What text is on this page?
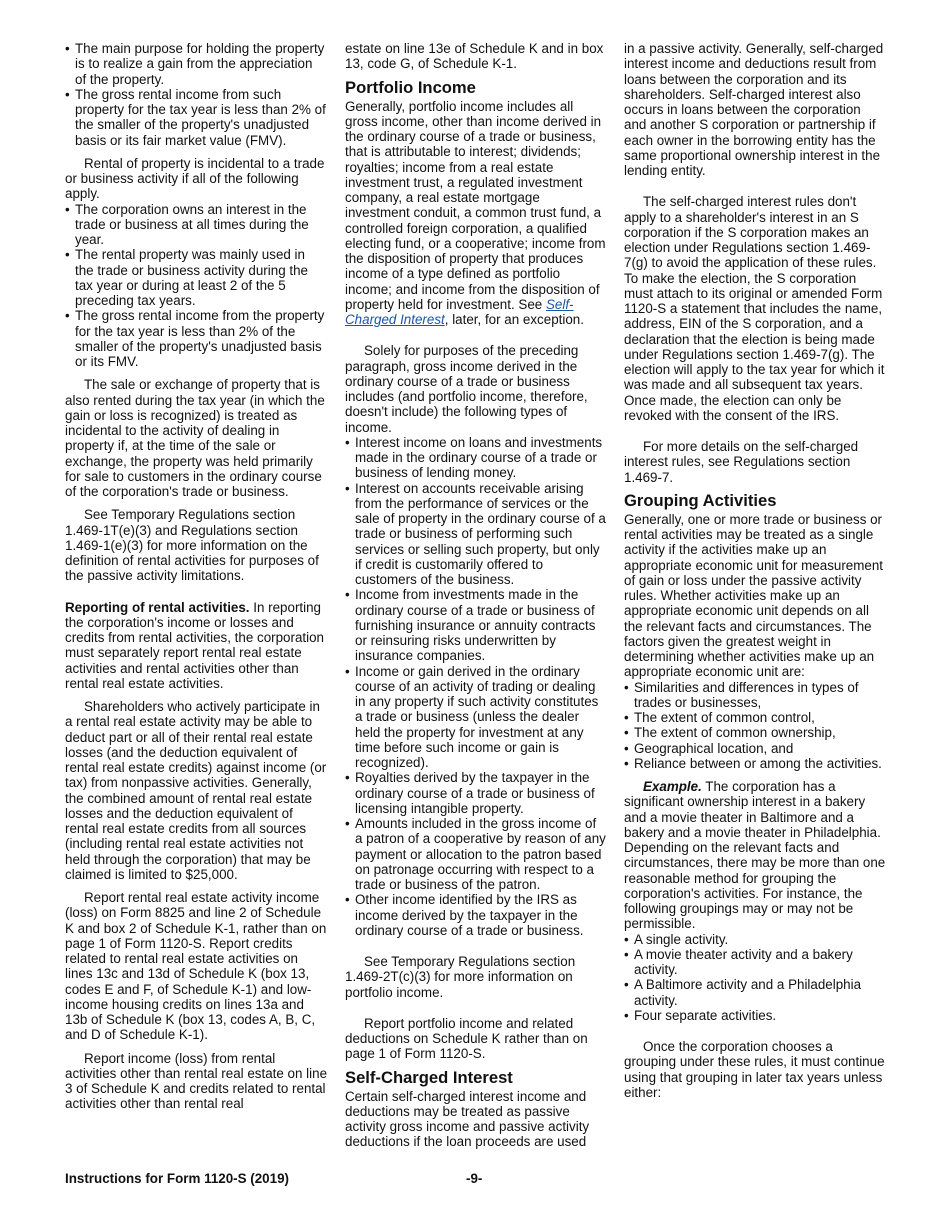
• The main purpose for holding the property is to realize a gain from the appreciation of the property.

• The gross rental income from such property for the tax year is less than 2% of the smaller of the property's unadjusted basis or its fair market value (FMV).

Rental of property is incidental to a trade or business activity if all of the following apply.

• The corporation owns an interest in the trade or business at all times during the year.

• The rental property was mainly used in the trade or business activity during the tax year or during at least 2 of the 5 preceding tax years.

• The gross rental income from the property for the tax year is less than 2% of the smaller of the property's unadjusted basis or its FMV.

The sale or exchange of property that is also rented during the tax year (in which the gain or loss is recognized) is treated as incidental to the activity of dealing in property if, at the time of the sale or exchange, the property was held primarily for sale to customers in the ordinary course of the corporation's trade or business.

See Temporary Regulations section 1.469-1T(e)(3) and Regulations section 1.469-1(e)(3) for more information on the definition of rental activities for purposes of the passive activity limitations.

Reporting of rental activities. In reporting the corporation's income or losses and credits from rental activities, the corporation must separately report rental real estate activities and rental activities other than rental real estate activities.

Shareholders who actively participate in a rental real estate activity may be able to deduct part or all of their rental real estate losses (and the deduction equivalent of rental real estate credits) against income (or tax) from nonpassive activities. Generally, the combined amount of rental real estate losses and the deduction equivalent of rental real estate credits from all sources (including rental real estate activities not held through the corporation) that may be claimed is limited to $25,000.

Report rental real estate activity income (loss) on Form 8825 and line 2 of Schedule K and box 2 of Schedule K-1, rather than on page 1 of Form 1120-S. Report credits related to rental real estate activities on lines 13c and 13d of Schedule K (box 13, codes E and F, of Schedule K-1) and low-income housing credits on lines 13a and 13b of Schedule K (box 13, codes A, B, C, and D of Schedule K-1).

Report income (loss) from rental activities other than rental real estate on line 3 of Schedule K and credits related to rental activities other than rental real

estate on line 13e of Schedule K and in box 13, code G, of Schedule K-1.

Portfolio Income

Generally, portfolio income includes all gross income, other than income derived in the ordinary course of a trade or business, that is attributable to interest; dividends; royalties; income from a real estate investment trust, a regulated investment company, a real estate mortgage investment conduit, a common trust fund, a controlled foreign corporation, a qualified electing fund, or a cooperative; income from the disposition of property that produces income of a type defined as portfolio income; and income from the disposition of property held for investment. See Self-Charged Interest, later, for an exception.

Solely for purposes of the preceding paragraph, gross income derived in the ordinary course of a trade or business includes (and portfolio income, therefore, doesn't include) the following types of income.

• Interest income on loans and investments made in the ordinary course of a trade or business of lending money.

• Interest on accounts receivable arising from the performance of services or the sale of property in the ordinary course of a trade or business of performing such services or selling such property, but only if credit is customarily offered to customers of the business.

• Income from investments made in the ordinary course of a trade or business of furnishing insurance or annuity contracts or reinsuring risks underwritten by insurance companies.

• Income or gain derived in the ordinary course of an activity of trading or dealing in any property if such activity constitutes a trade or business (unless the dealer held the property for investment at any time before such income or gain is recognized).

• Royalties derived by the taxpayer in the ordinary course of a trade or business of licensing intangible property.

• Amounts included in the gross income of a patron of a cooperative by reason of any payment or allocation to the patron based on patronage occurring with respect to a trade or business of the patron.

• Other income identified by the IRS as income derived by the taxpayer in the ordinary course of a trade or business.

See Temporary Regulations section 1.469-2T(c)(3) for more information on portfolio income.

Report portfolio income and related deductions on Schedule K rather than on page 1 of Form 1120-S.

Self-Charged Interest

Certain self-charged interest income and deductions may be treated as passive activity gross income and passive activity deductions if the loan proceeds are used

in a passive activity. Generally, self-charged interest income and deductions result from loans between the corporation and its shareholders. Self-charged interest also occurs in loans between the corporation and another S corporation or partnership if each owner in the borrowing entity has the same proportional ownership interest in the lending entity.

The self-charged interest rules don't apply to a shareholder's interest in an S corporation if the S corporation makes an election under Regulations section 1.469-7(g) to avoid the application of these rules. To make the election, the S corporation must attach to its original or amended Form 1120-S a statement that includes the name, address, EIN of the S corporation, and a declaration that the election is being made under Regulations section 1.469-7(g). The election will apply to the tax year for which it was made and all subsequent tax years. Once made, the election can only be revoked with the consent of the IRS.

For more details on the self-charged interest rules, see Regulations section 1.469-7.

Grouping Activities

Generally, one or more trade or business or rental activities may be treated as a single activity if the activities make up an appropriate economic unit for measurement of gain or loss under the passive activity rules. Whether activities make up an appropriate economic unit depends on all the relevant facts and circumstances. The factors given the greatest weight in determining whether activities make up an appropriate economic unit are:

• Similarities and differences in types of trades or businesses,

• The extent of common control,

• The extent of common ownership,

• Geographical location, and

• Reliance between or among the activities.

Example. The corporation has a significant ownership interest in a bakery and a movie theater in Baltimore and a bakery and a movie theater in Philadelphia. Depending on the relevant facts and circumstances, there may be more than one reasonable method for grouping the corporation's activities. For instance, the following groupings may or may not be permissible.

• A single activity.

• A movie theater activity and a bakery activity.

• A Baltimore activity and a Philadelphia activity.

• Four separate activities.

Once the corporation chooses a grouping under these rules, it must continue using that grouping in later tax years unless either:

Instructions for Form 1120-S (2019)	-9-
